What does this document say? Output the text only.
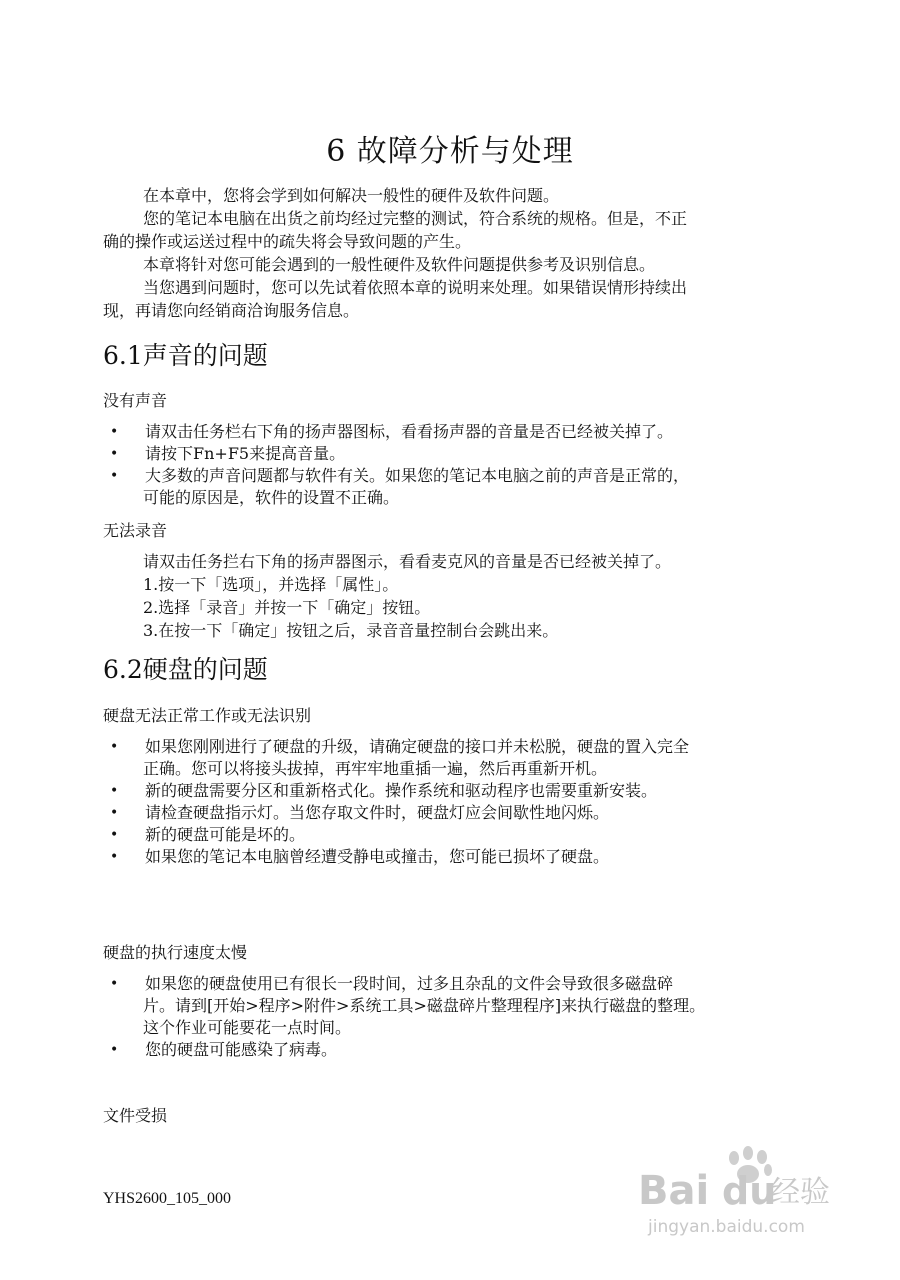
6 故障分析与处理
在本章中，您将会学到如何解决一般性的硬件及软件问题。
您的笔记本电脑在出货之前均经过完整的测试，符合系统的规格。但是，不正
确的操作或运送过程中的疏失将会导致问题的产生。
本章将针对您可能会遇到的一般性硬件及软件问题提供参考及识别信息。
当您遇到问题时，您可以先试着依照本章的说明来处理。如果错误情形持续出
现，再请您向经销商洽询服务信息。
6.1声音的问题
没有声音
• 请双击任务栏右下角的扬声器图标，看看扬声器的音量是否已经被关掉了。
• 请按下Fn+F5来提高音量。
• 大多数的声音问题都与软件有关。如果您的笔记本电脑之前的声音是正常的，
可能的原因是，软件的设置不正确。
无法录音
请双击任务拦右下角的扬声器图示，看看麦克风的音量是否已经被关掉了。
1.按一下「选项」，并选择「属性」。
2.选择「录音」并按一下「确定」按钮。
3.在按一下「确定」按钮之后，录音音量控制台会跳出来。
6.2硬盘的问题
硬盘无法正常工作或无法识别
• 如果您刚刚进行了硬盘的升级，请确定硬盘的接口并未松脱，硬盘的置入完全
正确。您可以将接头拔掉，再牢牢地重插一遍，然后再重新开机。
• 新的硬盘需要分区和重新格式化。操作系统和驱动程序也需要重新安装。
• 请检查硬盘指示灯。当您存取文件时，硬盘灯应会间歇性地闪烁。
• 新的硬盘可能是坏的。
• 如果您的笔记本电脑曾经遭受静电或撞击，您可能已损坏了硬盘。
硬盘的执行速度太慢
• 如果您的硬盘使用已有很长一段时间，过多且杂乱的文件会导致很多磁盘碎
片。请到[开始>程序>附件>系统工具>磁盘碎片整理程序]来执行磁盘的整理。
这个作业可能要花一点时间。
• 您的硬盘可能感染了病毒。
文件受损
YHS2600_105_000	Bai du
经验
jingyan.baidu.com
